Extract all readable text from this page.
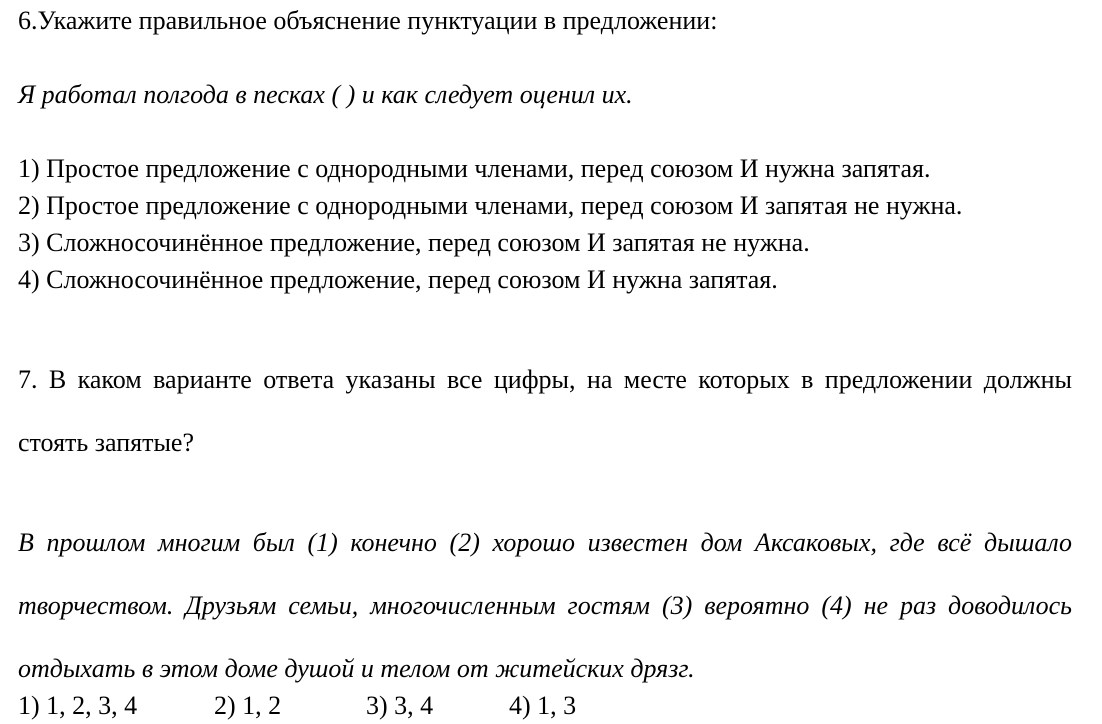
6.Укажите правильное объяснение пунктуации в предложении:

Я работал полгода в песках ( ) и как следует оценил их.

1) Простое предложение с однородными членами, перед союзом И нужна запятая.

2) Простое предложение с однородными членами, перед союзом И запятая не нужна.

3) Сложносочинённое предложение, перед союзом И запятая не нужна.

4) Сложносочинённое предложение, перед союзом И нужна запятая.

7. В каком варианте ответа указаны все цифры, на месте которых в предложении должны

стоять запятые?

В прошлом многим был (1) конечно (2) хорошо известен дом Аксаковых, где всё дышало

творчеством. Друзьям семьи, многочисленным гостям (3) вероятно (4) не раз доводилось

отдыхать в этом доме душой и телом от житейских дрязг.

1) 1, 2, 3, 4	2) 1, 2	3) 3, 4	4) 1, 3
